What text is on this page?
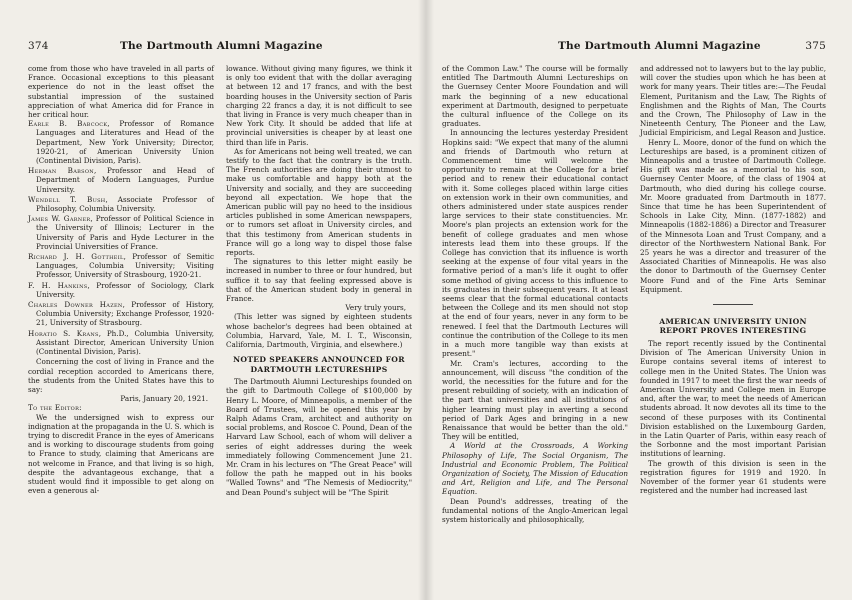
374	The Dartmouth Alumni Magazine

come from those who have traveled in all parts of France. Occasional exceptions to this pleasant experience do not in the least offset the substantial impression of the sustained appreciation of what America did for France in her critical hour.

Earle B. Babcock, Professor of Romance Languages and Literatures and Head of the Department, New York University; Director, 1920-21, of American University Union (Continental Division, Paris).

Herman Babson, Professor and Head of Department of Modern Languages, Purdue University.

Wendell T. Bush, Associate Professor of Philosophy, Columbia University.

James W. Garner, Professor of Political Science in the University of Illinois; Lecturer in the University of Paris and Hyde Lecturer in the Provincial Universities of France.

Richard J. H. Gottheil, Professor of Semitic Languages, Columbia University; Visiting Professor, University of Strasbourg, 1920-21.

F. H. Hankins, Professor of Sociology, Clark University.

Charles Downer Hazen, Professor of History, Columbia University; Exchange Professor, 1920-21, University of Strasbourg.

Horatio S. Krans, Ph.D., Columbia University, Assistant Director, American University Union (Continental Division, Paris).

Concerning the cost of living in France and the cordial reception accorded to Americans there, the students from the United States have this to say:

Paris, January 20, 1921.

To the Editor:

We the undersigned wish to express our indignation at the propaganda in the U. S. which is trying to discredit France in the eyes of Americans and is working to discourage students from going to France to study, claiming that Americans are not welcome in France, and that living is so high, despite the advantageous exchange, that a student would find it impossible to get along on even a generous al-

lowance. Without giving many figures, we think it is only too evident that with the dollar averaging at between 12 and 17 francs, and with the best boarding houses in the University section of Paris charging 22 francs a day, it is not difficult to see that living in France is very much cheaper than in New York City. It should be added that life at provincial universities is cheaper by at least one third than life in Paris.

As for Americans not being well treated, we can testify to the fact that the contrary is the truth. The French authorities are doing their utmost to make us comfortable and happy both at the University and socially, and they are succeeding beyond all expectation. We hope that the American public will pay no heed to the insidious articles published in some American newspapers, or to rumors set afloat in University circles, and that this testimony from American students in France will go a long way to dispel those false reports.

The signatures to this letter might easily be increased in number to three or four hundred, but suffice it to say that feeling expressed above is that of the American student body in general in France.

Very truly yours,

(This letter was signed by eighteen students whose bachelor's degrees had been obtained at Columbia, Harvard, Yale, M. I. T., Wisconsin, California, Dartmouth, Virginia, and elsewhere.)

NOTED SPEAKERS ANNOUNCED FOR DARTMOUTH LECTURESHIPS

The Dartmouth Alumni Lectureships founded on the gift to Dartmouth College of $100,000 by Henry L. Moore, of Minneapolis, a member of the Board of Trustees, will be opened this year by Ralph Adams Cram, architect and authority on social problems, and Roscoe C. Pound, Dean of the Harvard Law School, each of whom will deliver a series of eight addresses during the week immediately following Commencement June 21. Mr. Cram in his lectures on "The Great Peace" will follow the path he mapped out in his books "Walled Towns" and "The Nemesis of Mediocrity," and Dean Pound's subject will be "The Spirit

The Dartmouth Alumni Magazine	375

of the Common Law." The course will be formally entitled The Dartmouth Alumni Lectureships on the Guernsey Center Moore Foundation and will mark the beginning of a new educational experiment at Dartmouth, designed to perpetuate the cultural influence of the College on its graduates.

In announcing the lectures yesterday President Hopkins said: "We expect that many of the alumni and friends of Dartmouth who return at Commencement time will welcome the opportunity to remain at the College for a brief period and to renew their educational contact with it. Some colleges placed within large cities on extension work in their own communities, and others administered under state auspices render large services to their state constituencies. Mr. Moore's plan projects an extension work for the benefit of college graduates and men whose interests lead them into these groups. If the College has conviction that its influence is worth seeking at the expense of four vital years in the formative period of a man's life it ought to offer some method of giving access to this influence to its graduates in their subsequent years. It at least seems clear that the formal educational contacts between the College and its men should not stop at the end of four years, never in any form to be renewed. I feel that the Dartmouth Lectures will continue the contribution of the College to its men in a much more tangible way than exists at present."

Mr. Cram's lectures, according to the announcement, will discuss "the condition of the world, the necessities for the future and for the present rebuilding of society, with an indication of the part that universities and all institutions of higher learning must play in averting a second period of Dark Ages and bringing in a new Renaissance that would be better than the old." They will be entitled,

A World at the Crossroads, A Working Philosophy of Life, The Social Organism, The Industrial and Economic Problem, The Political Organization of Society, The Mission of Education and Art, Religion and Life, and The Personal Equation.

Dean Pound's addresses, treating of the fundamental notions of the Anglo-American legal system historically and philosophically,

and addressed not to lawyers but to the lay public, will cover the studies upon which he has been at work for many years. Their titles are:—The Feudal Element, Puritanism and the Law, The Rights of Englishmen and the Rights of Man, The Courts and the Crown, The Philosophy of Law in the Nineteenth Century, The Pioneer and the Law, Judicial Empiricism, and Legal Reason and Justice.

Henry L. Moore, donor of the fund on which the Lectureships are based, is a prominent citizen of Minneapolis and a trustee of Dartmouth College. His gift was made as a memorial to his son, Guernsey Center Moore, of the class of 1904 at Dartmouth, who died during his college course. Mr. Moore graduated from Dartmouth in 1877. Since that time he has been Superintendent of Schools in Lake City, Minn. (1877-1882) and Minneapolis (1882-1886) a Director and Treasurer of the Minnesota Loan and Trust Company, and a director of the Northwestern National Bank. For 25 years he was a director and treasurer of the Associated Charities of Minneapolis. He was also the donor to Dartmouth of the Guernsey Center Moore Fund and of the Fine Arts Seminar Equipment.

AMERICAN UNIVERSITY UNION REPORT PROVES INTERESTING

The report recently issued by the Continental Division of The American University Union in Europe contains several items of interest to college men in the United States. The Union was founded in 1917 to meet the first the war needs of American University and College men in Europe and, after the war, to meet the needs of American students abroad. It now devotes all its time to the second of these purposes with its Continental Division established on the Luxembourg Garden, in the Latin Quarter of Paris, within easy reach of the Sorbonne and the most important Parisian institutions of learning.

The growth of this division is seen in the registration figures for 1919 and 1920. In November of the former year 61 students were registered and the number had increased last
